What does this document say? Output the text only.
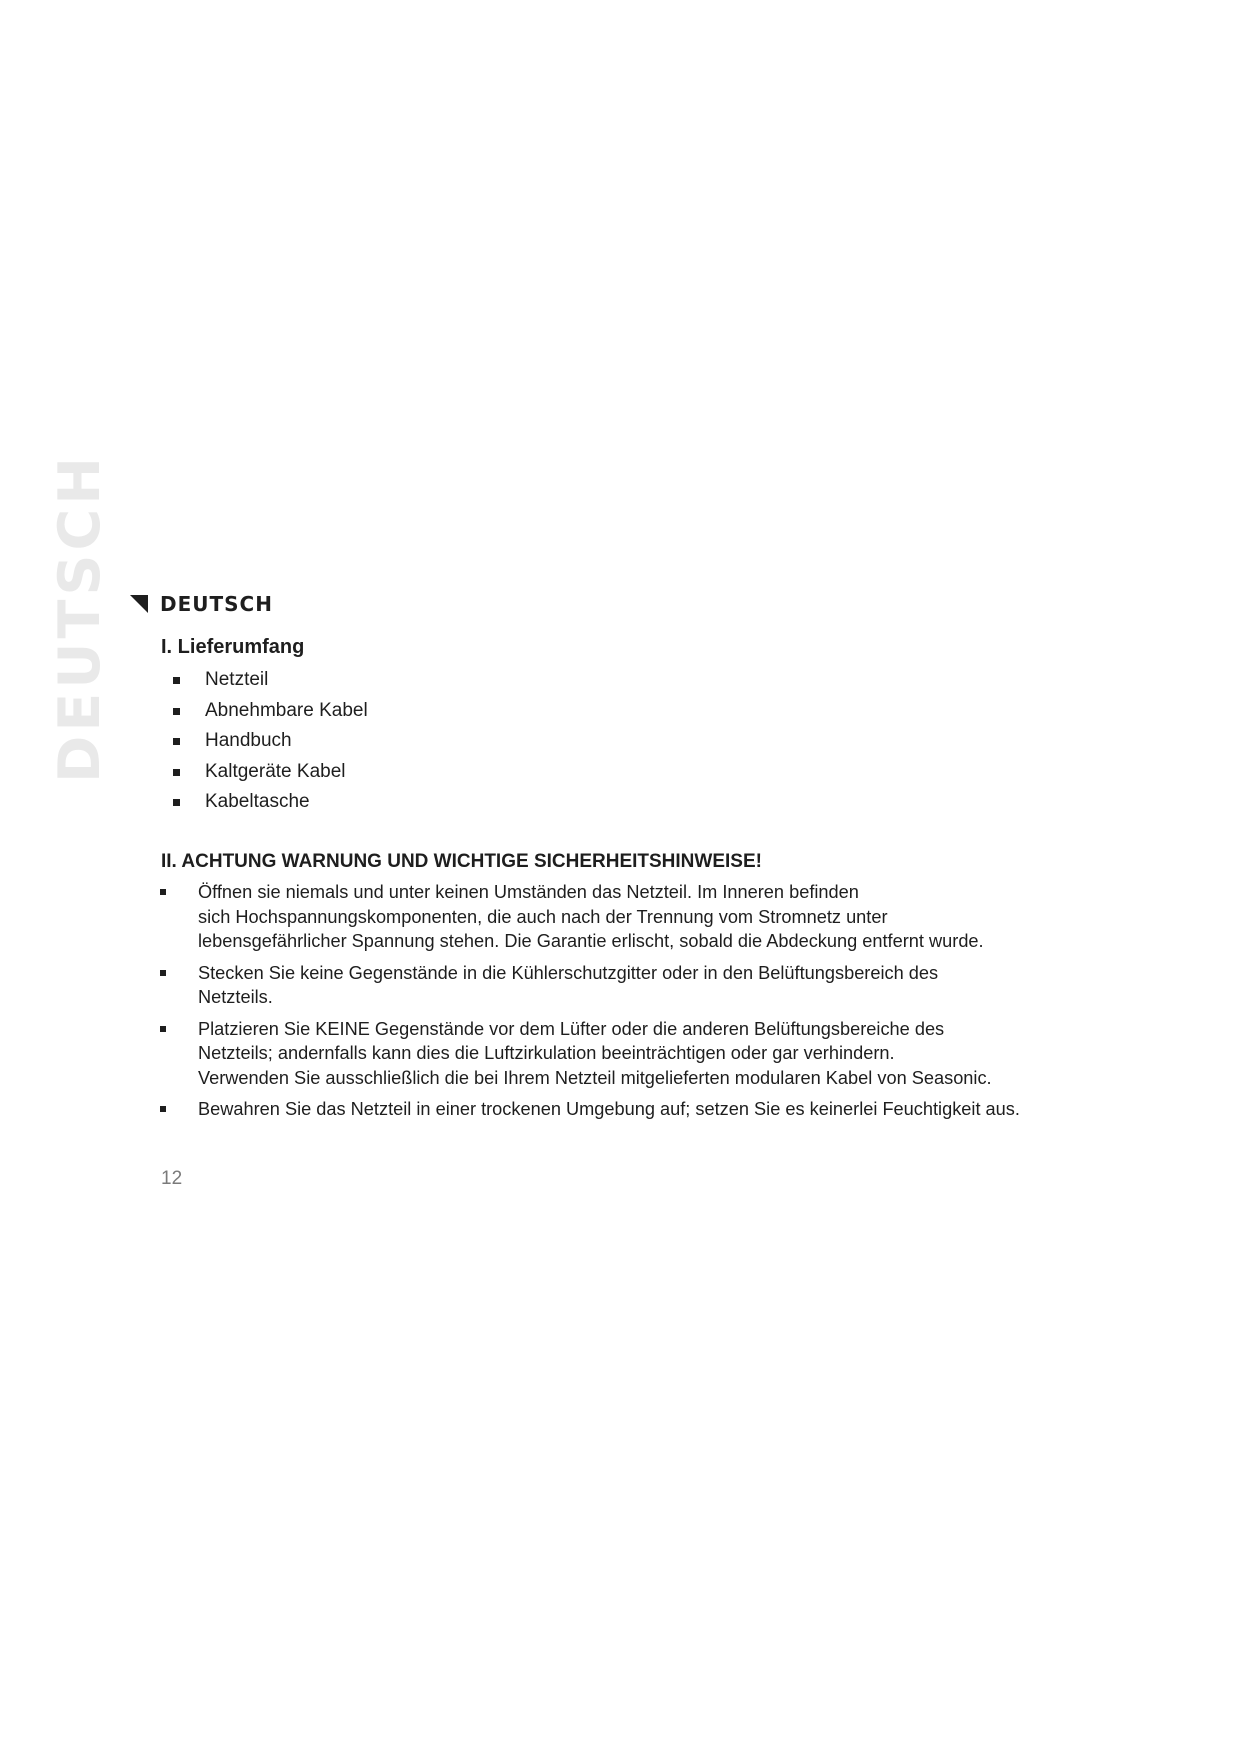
DEUTSCH DEUTSCH
I. Lieferumfang
Netzteil
Abnehmbare Kabel
Handbuch
Kaltgeräte Kabel
Kabeltasche
II. ACHTUNG WARNUNG UND WICHTIGE SICHERHEITSHINWEISE!
Öffnen sie niemals und unter keinen Umständen das Netzteil. Im Inneren befinden
sich Hochspannungskomponenten, die auch nach der Trennung vom Stromnetz unter
lebensgefährlicher Spannung stehen. Die Garantie erlischt, sobald die Abdeckung entfernt wurde.
Stecken Sie keine Gegenstände in die Kühlerschutzgitter oder in den Belüftungsbereich des
Netzteils.
Platzieren Sie KEINE Gegenstände vor dem Lüfter oder die anderen Belüftungsbereiche des
Netzteils; andernfalls kann dies die Luftzirkulation beeinträchtigen oder gar verhindern.
Verwenden Sie ausschließlich die bei Ihrem Netzteil mitgelieferten modularen Kabel von Seasonic.
Bewahren Sie das Netzteil in einer trockenen Umgebung auf; setzen Sie es keinerlei Feuchtigkeit aus.
12
